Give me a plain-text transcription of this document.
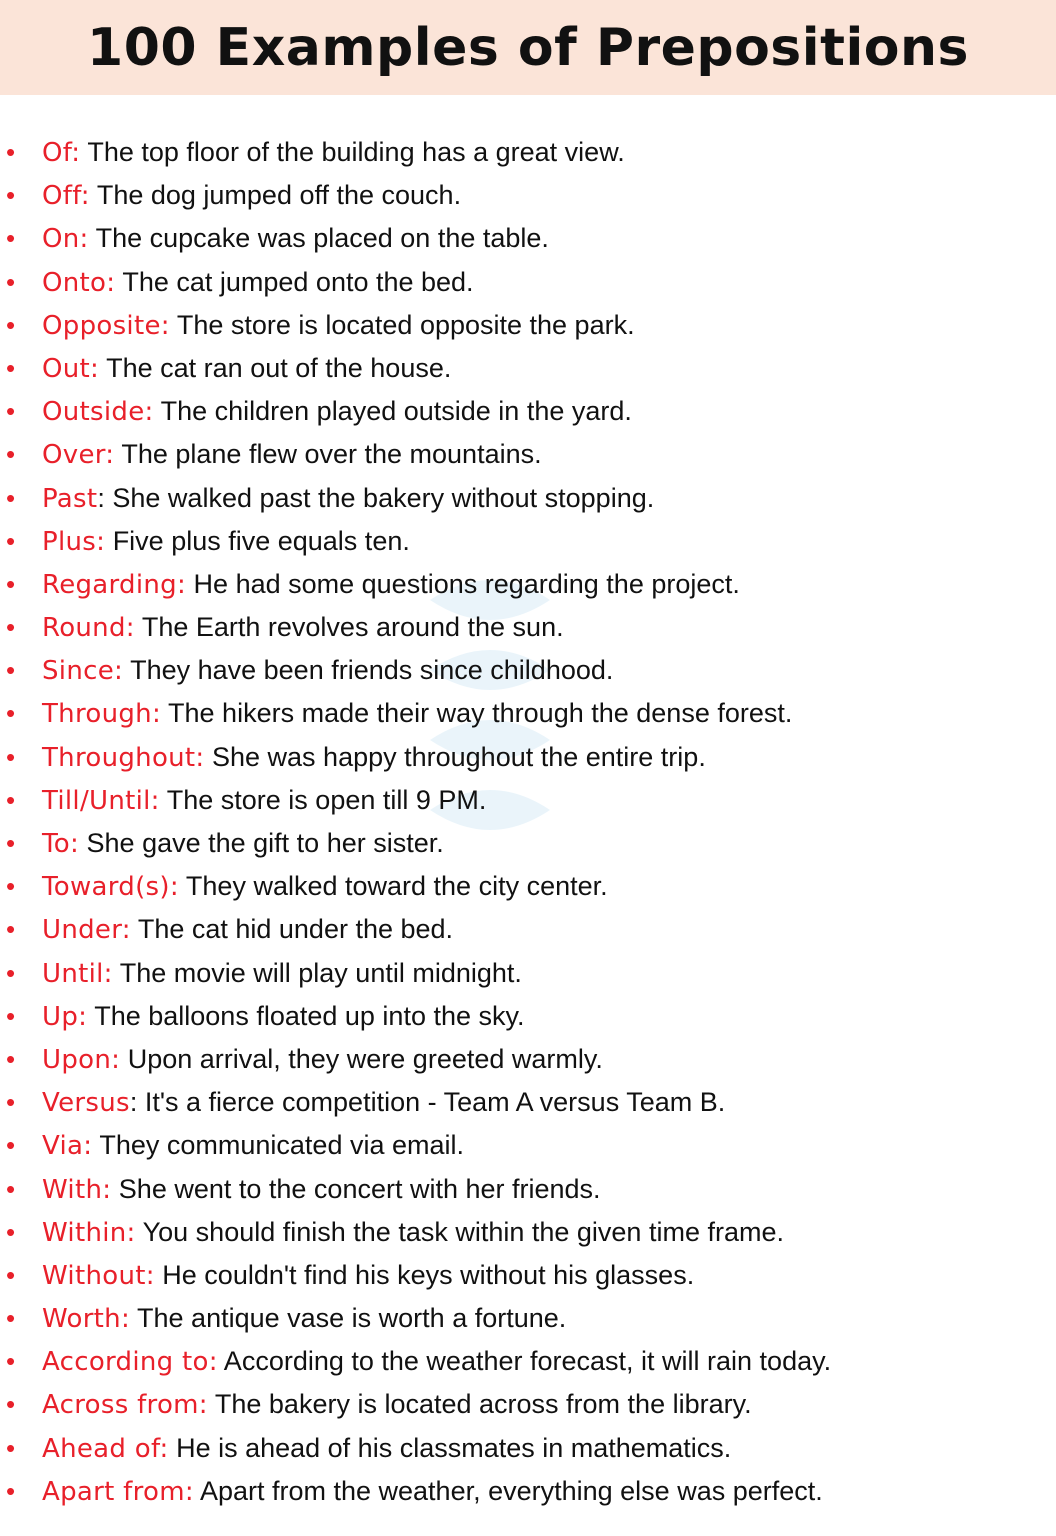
100 Examples of Prepositions
• Of: The top floor of the building has a great view.
• Off: The dog jumped off the couch.
• On: The cupcake was placed on the table.
• Onto: The cat jumped onto the bed.
• Opposite: The store is located opposite the park.
• Out: The cat ran out of the house.
• Outside: The children played outside in the yard.
• Over: The plane flew over the mountains.
• Past: She walked past the bakery without stopping.
• Plus: Five plus five equals ten.
• Regarding: He had some questions regarding the project.
• Round: The Earth revolves around the sun.
• Since: They have been friends since childhood.
• Through: The hikers made their way through the dense forest.
• Throughout: She was happy throughout the entire trip.
• Till/Until: The store is open till 9 PM.
• To: She gave the gift to her sister.
• Toward(s): They walked toward the city center.
• Under: The cat hid under the bed.
• Until: The movie will play until midnight.
• Up: The balloons floated up into the sky.
• Upon: Upon arrival, they were greeted warmly.
• Versus: It's a fierce competition - Team A versus Team B.
• Via: They communicated via email.
• With: She went to the concert with her friends.
• Within: You should finish the task within the given time frame.
• Without: He couldn't find his keys without his glasses.
• Worth: The antique vase is worth a fortune.
• According to: According to the weather forecast, it will rain today.
• Across from: The bakery is located across from the library.
• Ahead of: He is ahead of his classmates in mathematics.
• Apart from: Apart from the weather, everything else was perfect.
